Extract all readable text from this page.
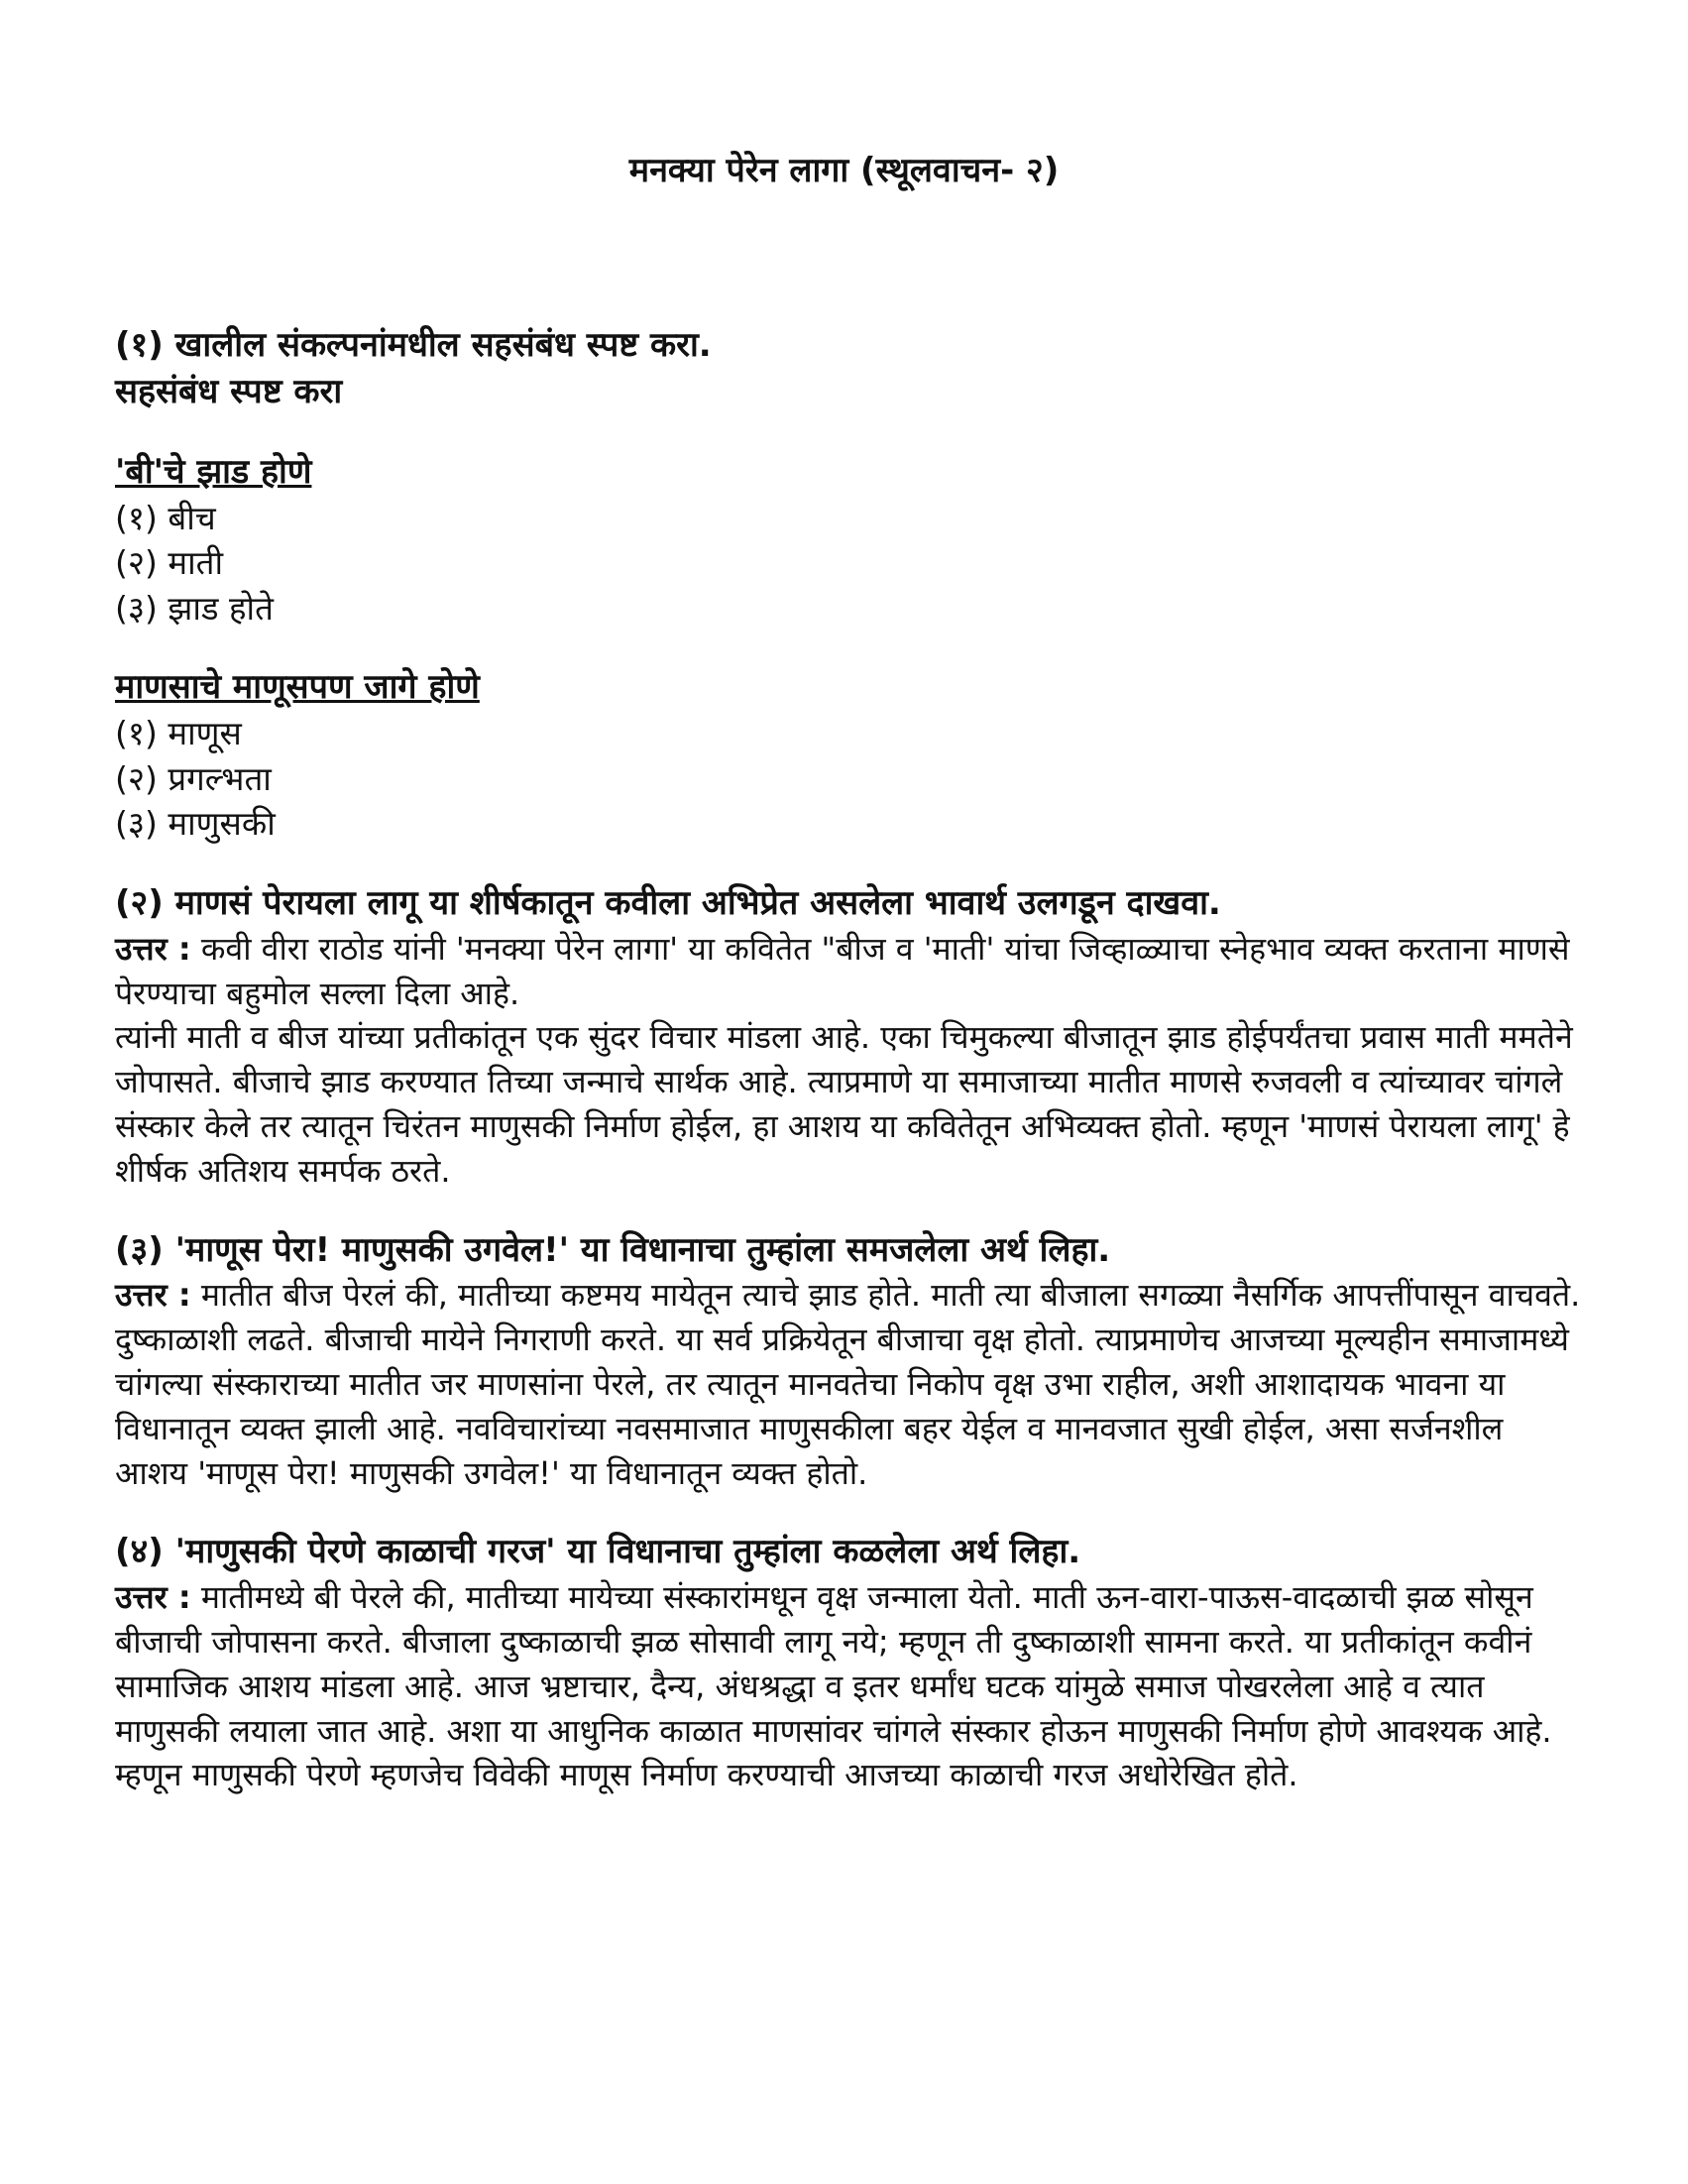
मनक्या पेरेन लागा (स्थूलवाचन- २)

(१) खालील संकल्पनांमधील सहसंबंध स्पष्ट करा.

सहसंबंध स्पष्ट करा

'बी'चे झाड होणे

(१) बीच

(२) माती

(३) झाड होते

माणसाचे माणूसपण जागे होणे

(१) माणूस

(२) प्रगल्भता

(३) माणुसकी

(२) माणसं पेरायला लागू या शीर्षकातून कवीला अभिप्रेत असलेला भावार्थ उलगडून दाखवा.

उत्तर : कवी वीरा राठोड यांनी 'मनक्या पेरेन लागा' या कवितेत "बीज व 'माती' यांचा जिव्हाळ्याचा स्नेहभाव व्यक्त करताना माणसे पेरण्याचा बहुमोल सल्ला दिला आहे.

त्यांनी माती व बीज यांच्या प्रतीकांतून एक सुंदर विचार मांडला आहे. एका चिमुकल्या बीजातून झाड होईपर्यंतचा प्रवास माती ममतेने जोपासते. बीजाचे झाड करण्यात तिच्या जन्माचे सार्थक आहे. त्याप्रमाणे या समाजाच्या मातीत माणसे रुजवली व त्यांच्यावर चांगले संस्कार केले तर त्यातून चिरंतन माणुसकी निर्माण होईल, हा आशय या कवितेतून अभिव्यक्त होतो. म्हणून 'माणसं पेरायला लागू' हे शीर्षक अतिशय समर्पक ठरते.

(३) 'माणूस पेरा! माणुसकी उगवेल!' या विधानाचा तुम्हांला समजलेला अर्थ लिहा.

उत्तर : मातीत बीज पेरलं की, मातीच्या कष्टमय मायेतून त्याचे झाड होते. माती त्या बीजाला सगळ्या नैसर्गिक आपत्तींपासून वाचवते. दुष्काळाशी लढते. बीजाची मायेने निगराणी करते. या सर्व प्रक्रियेतून बीजाचा वृक्ष होतो. त्याप्रमाणेच आजच्या मूल्यहीन समाजामध्ये चांगल्या संस्काराच्या मातीत जर माणसांना पेरले, तर त्यातून मानवतेचा निकोप वृक्ष उभा राहील, अशी आशादायक भावना या विधानातून व्यक्त झाली आहे. नवविचारांच्या नवसमाजात माणुसकीला बहर येईल व मानवजात सुखी होईल, असा सर्जनशील आशय 'माणूस पेरा! माणुसकी उगवेल!' या विधानातून व्यक्त होतो.

(४) 'माणुसकी पेरणे काळाची गरज' या विधानाचा तुम्हांला कळलेला अर्थ लिहा.

उत्तर : मातीमध्ये बी पेरले की, मातीच्या मायेच्या संस्कारांमधून वृक्ष जन्माला येतो. माती ऊन-वारा-पाऊस-वादळाची झळ सोसून बीजाची जोपासना करते. बीजाला दुष्काळाची झळ सोसावी लागू नये; म्हणून ती दुष्काळाशी सामना करते. या प्रतीकांतून कवीनं सामाजिक आशय मांडला आहे. आज भ्रष्टाचार, दैन्य, अंधश्रद्धा व इतर धर्मांध घटक यांमुळे समाज पोखरलेला आहे व त्यात माणुसकी लयाला जात आहे. अशा या आधुनिक काळात माणसांवर चांगले संस्कार होऊन माणुसकी निर्माण होणे आवश्यक आहे. म्हणून माणुसकी पेरणे म्हणजेच विवेकी माणूस निर्माण करण्याची आजच्या काळाची गरज अधोरेखित होते.
